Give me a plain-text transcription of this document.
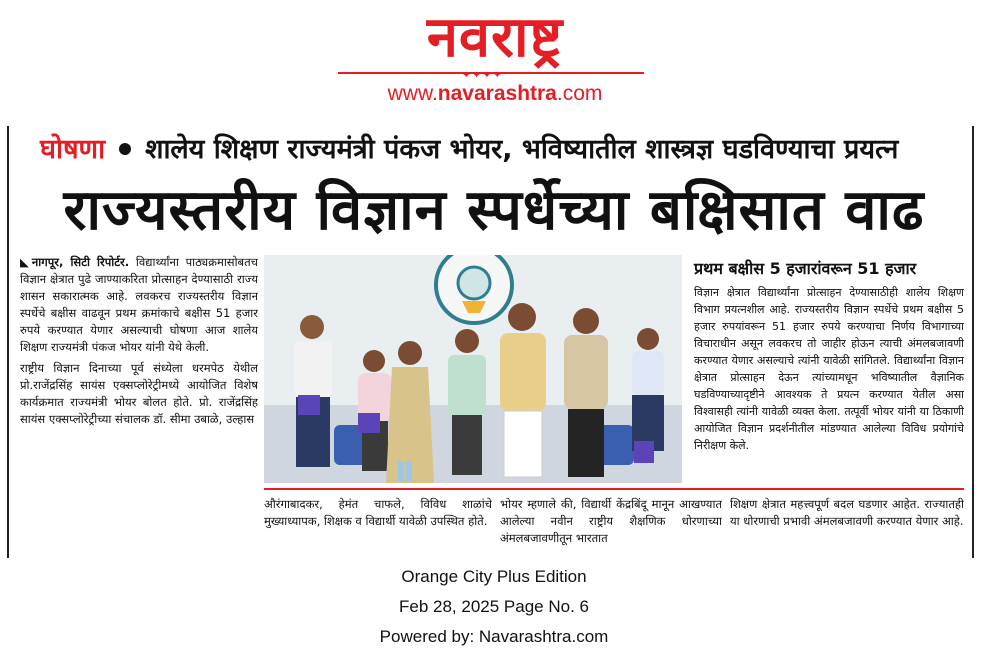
नवराष्ट्र
✦✦✦✦
www.navarashtra.com
घोषणा शालेय शिक्षण राज्यमंत्री पंकज भोयर, भविष्यातील शास्त्रज्ञ घडविण्याचा प्रयत्न
राज्यस्तरीय विज्ञान स्पर्धेच्या बक्षिसात वाढ

◣नागपूर, सिटी रिपोर्टर. विद्यार्थ्यांना पाठ्यक्रमासोबतच विज्ञान क्षेत्रात पुढे जाण्याकरिता प्रोत्साहन देण्यासाठी राज्य शासन सकारात्मक आहे. लवकरच राज्यस्तरीय विज्ञान स्पर्धेचे बक्षीस वाढवून प्रथम क्रमांकाचे बक्षीस 51 हजार रुपये करण्यात येणार असल्याची घोषणा आज शालेय शिक्षण राज्यमंत्री पंकज भोयर यांनी येथे केली.

राष्ट्रीय विज्ञान दिनाच्या पूर्व संध्येला धरमपेठ येथील प्रो.राजेंद्रसिंह सायंस एक्सप्लोरेट्रीमध्ये आयोजित विशेष कार्यक्रमात राज्यमंत्री भोयर बोलत होते. प्रो. राजेंद्रसिंह सायंस एक्सप्लोरेट्रीच्या संचालक डॉ. सीमा उबाळे, उल्हास

प्रथम बक्षीस 5 हजारांवरून 51 हजार

विज्ञान क्षेत्रात विद्यार्थ्यांना प्रोत्साहन देण्यासाठीही शालेय शिक्षण विभाग प्रयत्नशील आहे. राज्यस्तरीय विज्ञान स्पर्धेचे प्रथम बक्षीस 5 हजार रुपयांवरून 51 हजार रुपये करण्याचा निर्णय विभागाच्या विचाराधीन असून लवकरच तो जाहीर होऊन त्याची अंमलबजावणी करण्यात येणार असल्याचे त्यांनी यावेळी सांगितले. विद्यार्थ्यांना विज्ञान क्षेत्रात प्रोत्साहन देऊन त्यांच्यामधून भविष्यातील वैज्ञानिक घडविण्याच्यादृष्टीने आवश्यक ते प्रयत्न करण्यात येतील असा विश्वासही त्यांनी यावेळी व्यक्त केला. तत्पूर्वी भोयर यांनी या ठिकाणी आयोजित विज्ञान प्रदर्शनीतील मांडण्यात आलेल्या विविध प्रयोगांचे निरीक्षण केले.

औरंगाबादकर, हेमंत चाफले, विविध शाळांचे मुख्याध्यापक, शिक्षक व विद्यार्थी यावेळी उपस्थित होते.

भोयर म्हणाले की, विद्यार्थी केंद्रबिंदू मानून आखण्यात आलेल्या नवीन राष्ट्रीय शैक्षणिक धोरणाच्या अंमलबजावणीतून भारतात

शिक्षण क्षेत्रात महत्त्वपूर्ण बदल घडणार आहेत. राज्यातही या धोरणाची प्रभावी अंमलबजावणी करण्यात येणार आहे.

Orange City Plus Edition
Feb 28, 2025 Page No. 6
Powered by: Navarashtra.com
